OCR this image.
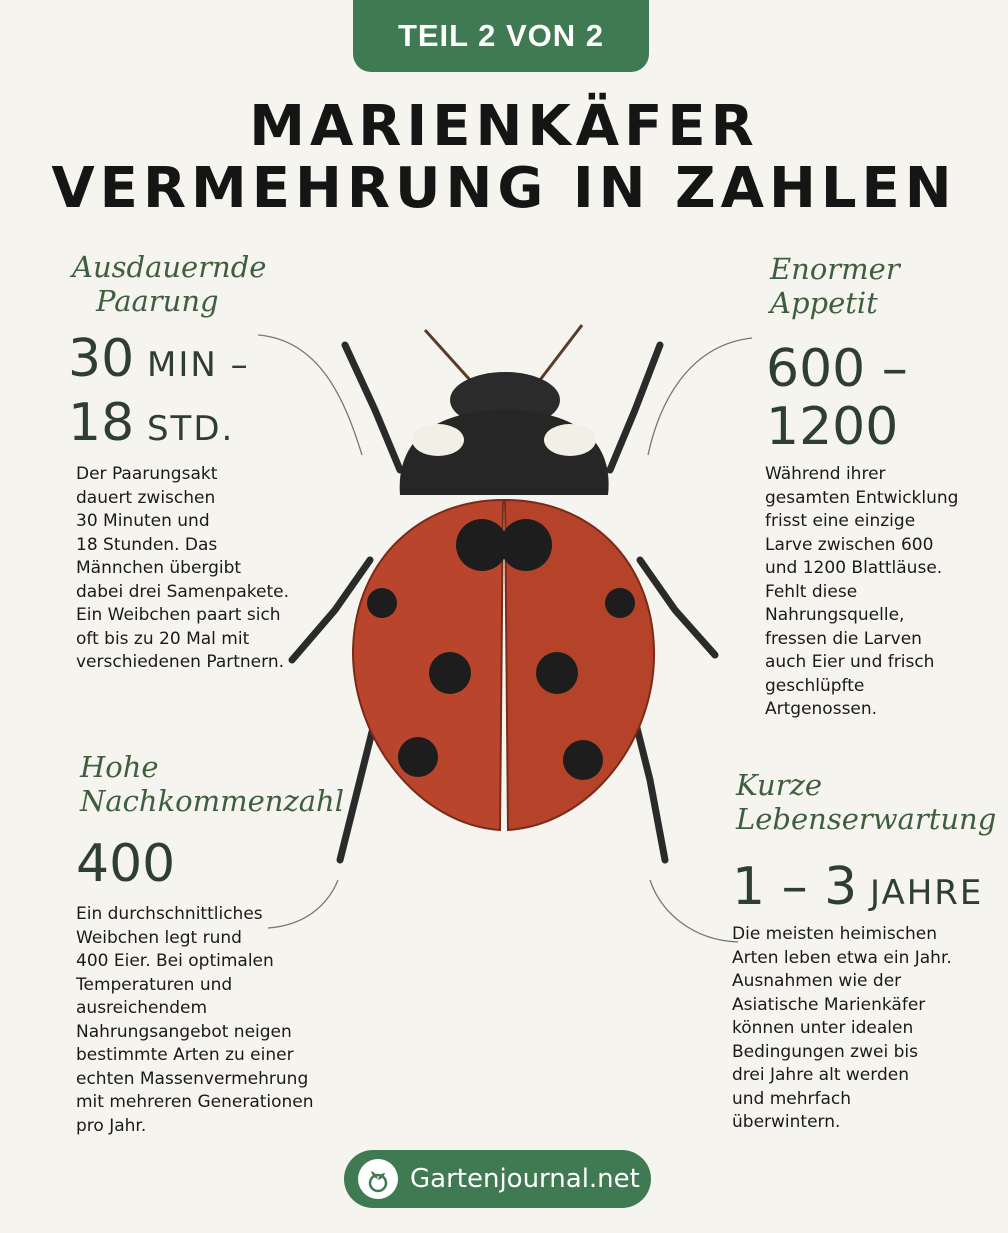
TEIL 2 VON 2
MARIENKÄFER
VERMEHRUNG IN ZAHLEN
Ausdauernde
Paarung
30 MIN –
18 STD.
Der Paarungsakt
dauert zwischen
30 Minuten und
18 Stunden. Das
Männchen übergibt
dabei drei Samenpakete.
Ein Weibchen paart sich
oft bis zu 20 Mal mit
verschiedenen Partnern.
Enormer
Appetit
600 –
1200
Während ihrer
gesamten Entwicklung
frisst eine einzige
Larve zwischen 600
und 1200 Blattläuse.
Fehlt diese
Nahrungsquelle,
fressen die Larven
auch Eier und frisch
geschlüpfte
Artgenossen.
Hohe
Nachkommenzahl
400
Ein durchschnittliches
Weibchen legt rund
400 Eier. Bei optimalen
Temperaturen und
ausreichendem
Nahrungsangebot neigen
bestimmte Arten zu einer
echten Massenvermehrung
mit mehreren Generationen
pro Jahr.
Kurze
Lebenserwartung
1 – 3 JAHRE
Die meisten heimischen
Arten leben etwa ein Jahr.
Ausnahmen wie der
Asiatische Marienkäfer
können unter idealen
Bedingungen zwei bis
drei Jahre alt werden
und mehrfach
überwintern.
Gartenjournal.net
